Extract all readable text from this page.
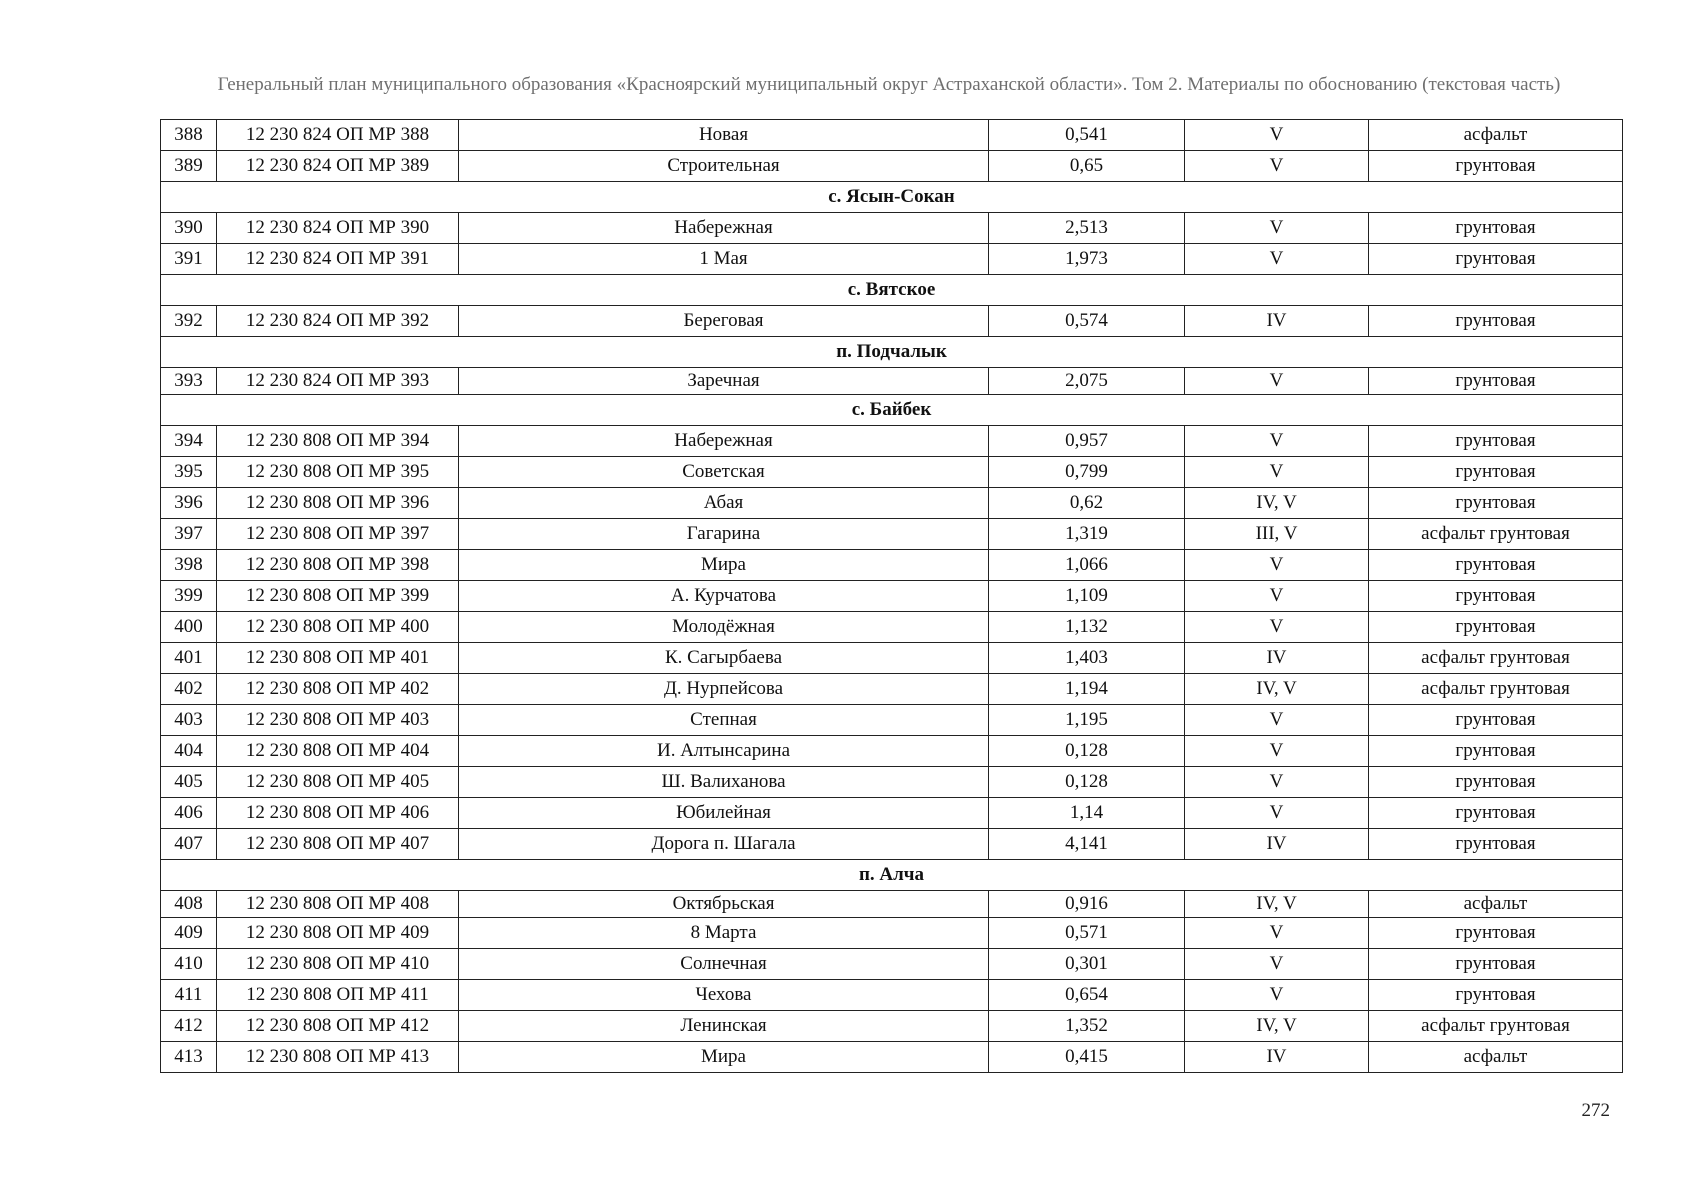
Генеральный план муниципального образования «Красноярский муниципальный округ Астраханской области». Том 2. Материалы по обоснованию (текстовая часть)
388	12 230 824 ОП МР 388	Новая	0,541	V	асфальт
389	12 230 824 ОП МР 389	Строительная	0,65	V	грунтовая
с. Ясын-Сокан					
390	12 230 824 ОП МР 390	Набережная	2,513	V	грунтовая
391	12 230 824 ОП МР 391	1 Мая	1,973	V	грунтовая
с. Вятское					
392	12 230 824 ОП МР 392	Береговая	0,574	IV	грунтовая
п. Подчалык					
393	12 230 824 ОП МР 393	Заречная	2,075	V	грунтовая
с. Байбек					
394	12 230 808 ОП МР 394	Набережная	0,957	V	грунтовая
395	12 230 808 ОП МР 395	Советская	0,799	V	грунтовая
396	12 230 808 ОП МР 396	Абая	0,62	IV, V	грунтовая
397	12 230 808 ОП МР 397	Гагарина	1,319	III, V	асфальт грунтовая
398	12 230 808 ОП МР 398	Мира	1,066	V	грунтовая
399	12 230 808 ОП МР 399	А. Курчатова	1,109	V	грунтовая
400	12 230 808 ОП МР 400	Молодёжная	1,132	V	грунтовая
401	12 230 808 ОП МР 401	К. Сагырбаева	1,403	IV	асфальт грунтовая
402	12 230 808 ОП МР 402	Д. Нурпейсова	1,194	IV, V	асфальт грунтовая
403	12 230 808 ОП МР 403	Степная	1,195	V	грунтовая
404	12 230 808 ОП МР 404	И. Алтынсарина	0,128	V	грунтовая
405	12 230 808 ОП МР 405	Ш. Валиханова	0,128	V	грунтовая
406	12 230 808 ОП МР 406	Юбилейная	1,14	V	грунтовая
407	12 230 808 ОП МР 407	Дорога п. Шагала	4,141	IV	грунтовая
п. Алча					
408	12 230 808 ОП МР 408	Октябрьская	0,916	IV, V	асфальт
409	12 230 808 ОП МР 409	8 Марта	0,571	V	грунтовая
410	12 230 808 ОП МР 410	Солнечная	0,301	V	грунтовая
411	12 230 808 ОП МР 411	Чехова	0,654	V	грунтовая
412	12 230 808 ОП МР 412	Ленинская	1,352	IV, V	асфальт грунтовая
413	12 230 808 ОП МР 413	Мира	0,415	IV	асфальт
272
